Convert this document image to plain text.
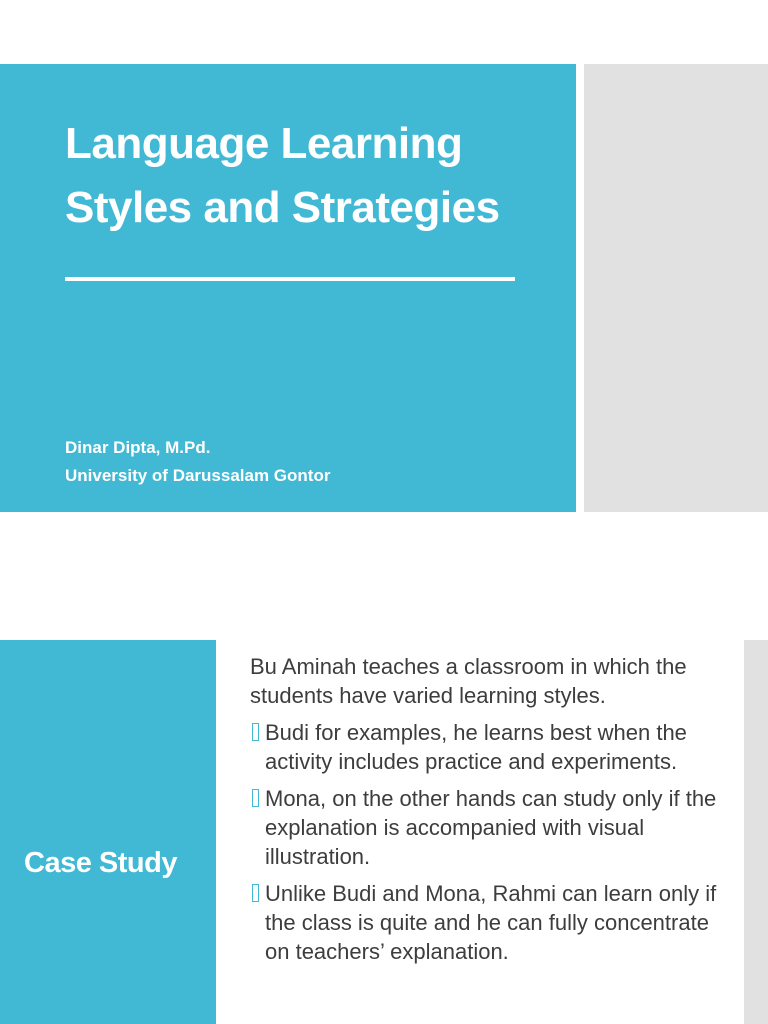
Language Learning
Styles and Strategies
Dinar Dipta, M.Pd.
University of Darussalam Gontor
Case Study

Bu Aminah teaches a classroom in which the students have varied learning styles.

Budi for examples, he learns best when the activity includes practice and experiments.
Mona, on the other hands can study only if the explanation is accompanied with visual illustration.
Unlike Budi and Mona, Rahmi can learn only if the class is quite and he can fully concentrate on teachers’ explanation.
